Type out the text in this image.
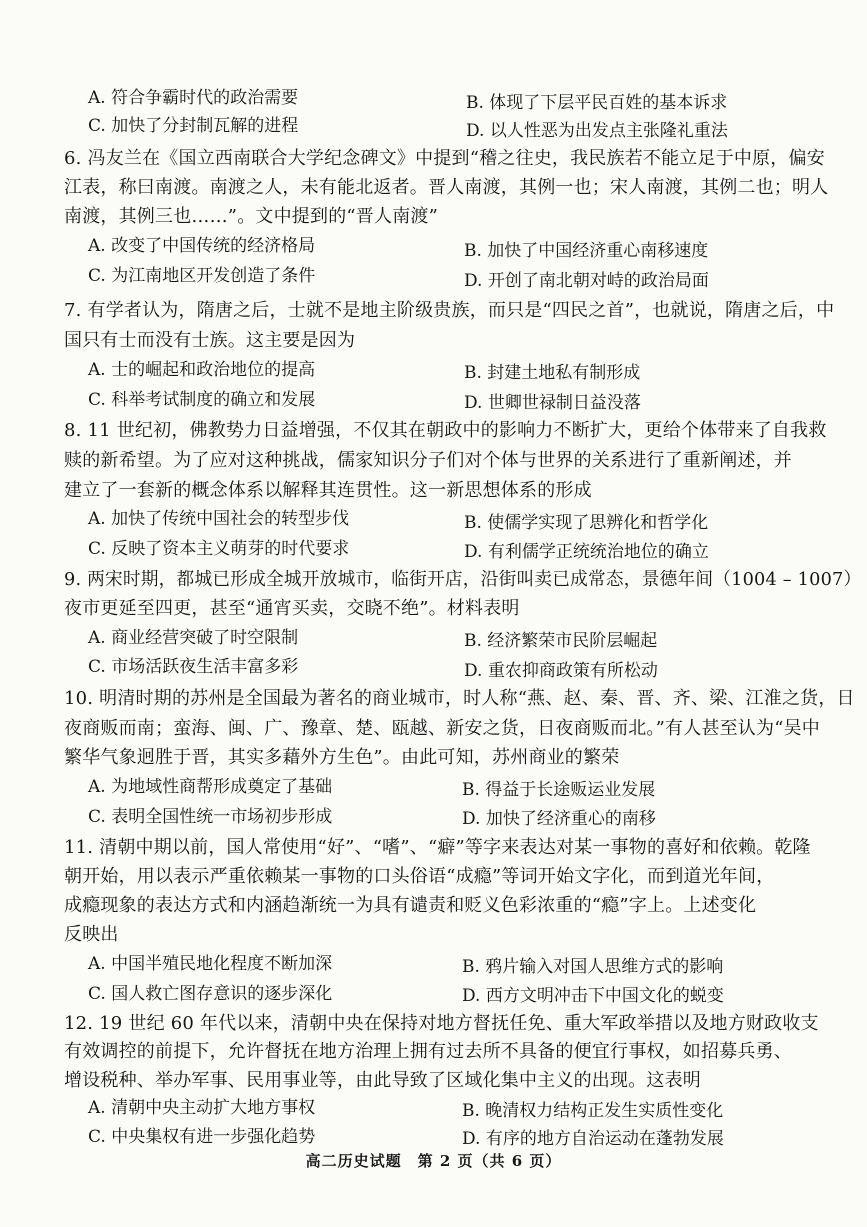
A. 符合争霸时代的政治需要	B. 体现了下层平民百姓的基本诉求
C. 加快了分封制瓦解的进程	D. 以人性恶为出发点主张隆礼重法
6. 冯友兰在《国立西南联合大学纪念碑文》中提到“稽之往史，我民族若不能立足于中原，偏安
江表，称曰南渡。南渡之人，未有能北返者。晋人南渡，其例一也；宋人南渡，其例二也；明人
南渡，其例三也……”。文中提到的“晋人南渡”
A. 改变了中国传统的经济格局	B. 加快了中国经济重心南移速度
C. 为江南地区开发创造了条件	D. 开创了南北朝对峙的政治局面
7. 有学者认为，隋唐之后，士就不是地主阶级贵族，而只是“四民之首”，也就说，隋唐之后，中
国只有士而没有士族。这主要是因为
A. 士的崛起和政治地位的提高	B. 封建土地私有制形成
C. 科举考试制度的确立和发展	D. 世卿世禄制日益没落
8. 11 世纪初，佛教势力日益增强，不仅其在朝政中的影响力不断扩大，更给个体带来了自我救
赎的新希望。为了应对这种挑战，儒家知识分子们对个体与世界的关系进行了重新阐述，并
建立了一套新的概念体系以解释其连贯性。这一新思想体系的形成
A. 加快了传统中国社会的转型步伐	B. 使儒学实现了思辨化和哲学化
C. 反映了资本主义萌芽的时代要求	D. 有利儒学正统统治地位的确立
9. 两宋时期，都城已形成全城开放城市，临街开店，沿街叫卖已成常态，景德年间（1004 – 1007）
夜市更延至四更，甚至“通宵买卖，交晓不绝”。材料表明
A. 商业经营突破了时空限制	B. 经济繁荣市民阶层崛起
C. 市场活跃夜生活丰富多彩	D. 重农抑商政策有所松动
10. 明清时期的苏州是全国最为著名的商业城市，时人称“燕、赵、秦、晋、齐、梁、江淮之货，日
夜商贩而南；蛮海、闽、广、豫章、楚、瓯越、新安之货，日夜商贩而北。”有人甚至认为“吴中
繁华气象迥胜于晋，其实多藉外方生色”。由此可知，苏州商业的繁荣
A. 为地域性商帮形成奠定了基础	B. 得益于长途贩运业发展
C. 表明全国性统一市场初步形成	D. 加快了经济重心的南移
11. 清朝中期以前，国人常使用“好”、“嗜”、“癖”等字来表达对某一事物的喜好和依赖。乾隆
朝开始，用以表示严重依赖某一事物的口头俗语“成瘾”等词开始文字化，而到道光年间，
成瘾现象的表达方式和内涵趋渐统一为具有谴责和贬义色彩浓重的“瘾”字上。上述变化
反映出
A. 中国半殖民地化程度不断加深	B. 鸦片输入对国人思维方式的影响
C. 国人救亡图存意识的逐步深化	D. 西方文明冲击下中国文化的蜕变
12. 19 世纪 60 年代以来，清朝中央在保持对地方督抚任免、重大军政举措以及地方财政收支
有效调控的前提下，允许督抚在地方治理上拥有过去所不具备的便宜行事权，如招募兵勇、
增设税种、举办军事、民用事业等，由此导致了区域化集中主义的出现。这表明
A. 清朝中央主动扩大地方事权	B. 晚清权力结构正发生实质性变化
C. 中央集权有进一步强化趋势	D. 有序的地方自治运动在蓬勃发展
高二历史试题　第 2 页（共 6 页）
